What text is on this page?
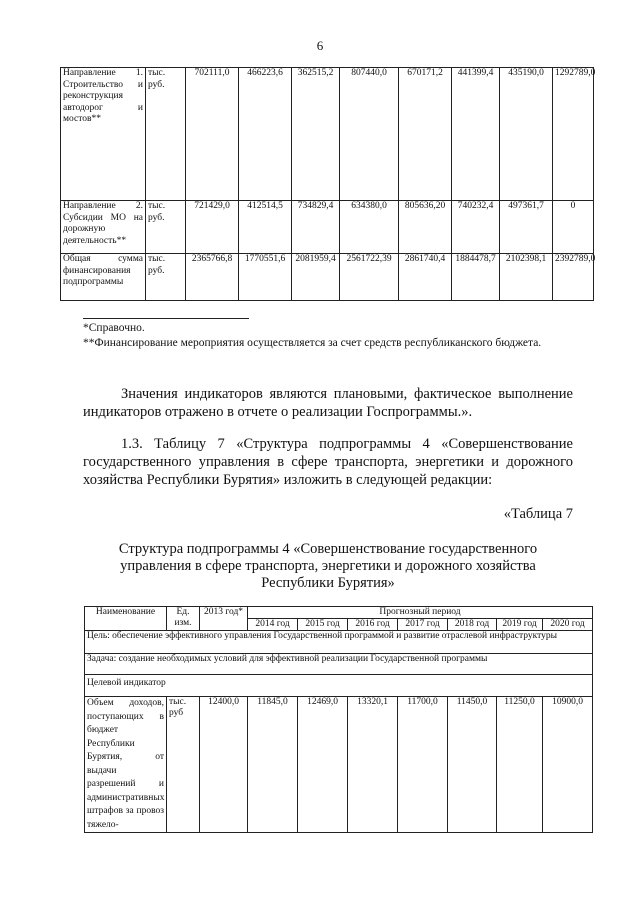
6
Направление 1. Строительство и реконструкция автодорог и мостов**	тыс. руб.	702111,0	466223,6	362515,2	807440,0	670171,2	441399,4	435190,0	1292789,0
Направление 2. Субсидии МО на дорожную деятельность**	тыс. руб.	721429,0	412514,5	734829,4	634380,0	805636,20	740232,4	497361,7	0
Общая сумма финансирования подпрограммы	тыс. руб.	2365766,8	1770551,6	2081959,4	2561722,39	2861740,4	1884478,7	2102398,1	2392789,0
*Справочно.
**Финансирование мероприятия осуществляется за счет средств республиканского бюджета.
Значения индикаторов являются плановыми, фактическое выполнение индикаторов отражено в отчете о реализации Госпрограммы.».
1.3. Таблицу 7 «Структура подпрограммы 4 «Совершенствование государственного управления в сфере транспорта, энергетики и дорожного хозяйства Республики Бурятия» изложить в следующей редакции:
«Таблица 7
Структура подпрограммы 4 «Совершенствование государственного управления в сфере транспорта, энергетики и дорожного хозяйства Республики Бурятия»
Наименование	Ед. изм.	2013 год*	Прогнозный период						
			2014 год	2015 год	2016 год	2017 год	2018 год	2019 год	2020 год
Цель: обеспечение эффективного управления Государственной программой и развитие отраслевой инфраструктуры									
Задача: создание необходимых условий для эффективной реализации Государственной программы									
Целевой индикатор									
Объем доходов, поступающих в бюджет Республики Бурятия, от выдачи разрешений и административных штрафов за провоз тяжело-	тыс. руб	12400,0	11845,0	12469,0	13320,1	11700,0	11450,0	11250,0	10900,0
